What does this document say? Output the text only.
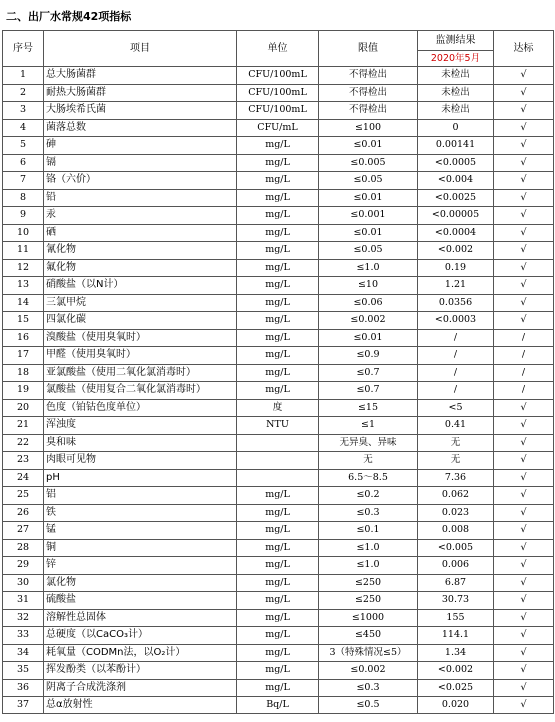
二、出厂水常规42项指标
序号	项目	单位	限值	监测结果	达标
				2020年5月	
1	总大肠菌群	CFU/100mL	不得检出	未检出	√
2	耐热大肠菌群	CFU/100mL	不得检出	未检出	√
3	大肠埃希氏菌	CFU/100mL	不得检出	未检出	√
4	菌落总数	CFU/mL	≤100	0	√
5	砷	mg/L	≤0.01	0.00141	√
6	镉	mg/L	≤0.005	<0.0005	√
7	铬（六价）	mg/L	≤0.05	<0.004	√
8	铅	mg/L	≤0.01	<0.0025	√
9	汞	mg/L	≤0.001	<0.00005	√
10	硒	mg/L	≤0.01	<0.0004	√
11	氰化物	mg/L	≤0.05	<0.002	√
12	氟化物	mg/L	≤1.0	0.19	√
13	硝酸盐（以N计）	mg/L	≤10	1.21	√
14	三氯甲烷	mg/L	≤0.06	0.0356	√
15	四氯化碳	mg/L	≤0.002	<0.0003	√
16	溴酸盐（使用臭氧时）	mg/L	≤0.01	/	/
17	甲醛（使用臭氧时）	mg/L	≤0.9	/	/
18	亚氯酸盐（使用二氧化氯消毒时）	mg/L	≤0.7	/	/
19	氯酸盐（使用复合二氧化氯消毒时）	mg/L	≤0.7	/	/
20	色度（铂钴色度单位）	度	≤15	<5	√
21	浑浊度	NTU	≤1	0.41	√
22	臭和味		无异臭、异味	无	√
23	肉眼可见物		无	无	√
24	pH		6.5～8.5	7.36	√
25	铝	mg/L	≤0.2	0.062	√
26	铁	mg/L	≤0.3	0.023	√
27	锰	mg/L	≤0.1	0.008	√
28	铜	mg/L	≤1.0	<0.005	√
29	锌	mg/L	≤1.0	0.006	√
30	氯化物	mg/L	≤250	6.87	√
31	硫酸盐	mg/L	≤250	30.73	√
32	溶解性总固体	mg/L	≤1000	155	√
33	总硬度（以CaCO₃计）	mg/L	≤450	114.1	√
34	耗氧量（CODMn法，以O₂计）	mg/L	3（特殊情况≤5）	1.34	√
35	挥发酚类（以苯酚计）	mg/L	≤0.002	<0.002	√
36	阴离子合成洗涤剂	mg/L	≤0.3	<0.025	√
37	总α放射性	Bq/L	≤0.5	0.020	√
